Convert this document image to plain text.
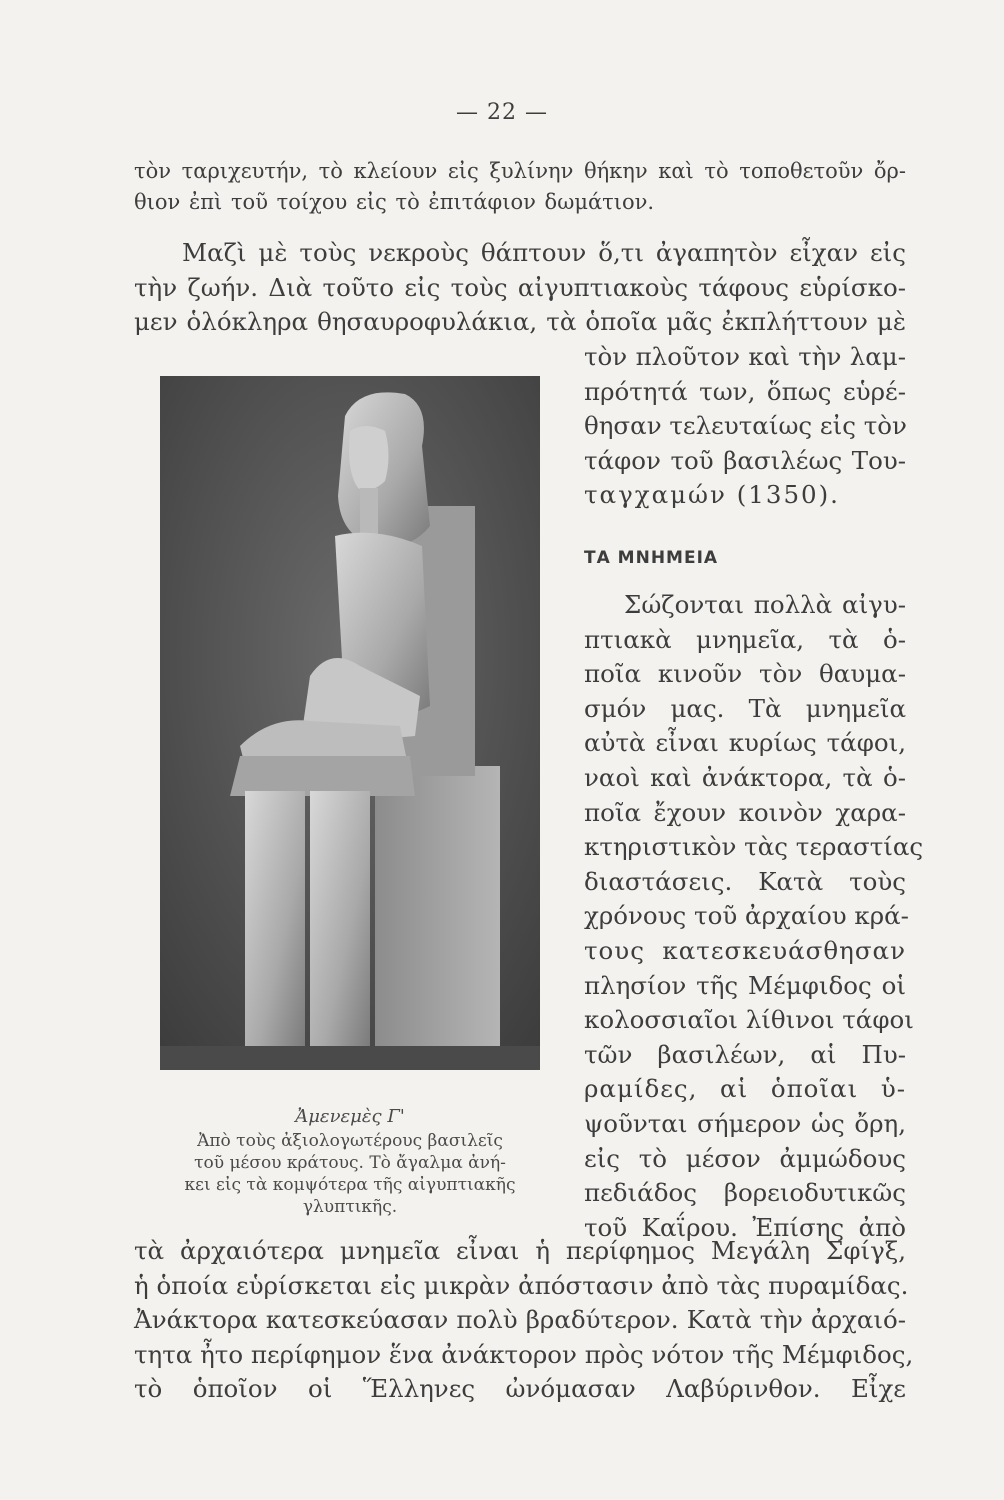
— 22 —

τὸν ταριχευτήν, τὸ κλείουν εἰς ξυλίνην θήκην καὶ τὸ τοποθετοῦν ὄρ-
θιον ἐπὶ τοῦ τοίχου εἰς τὸ ἐπιτάφιον δωμάτιον.

Μαζὶ μὲ τοὺς νεκροὺς θάπτουν ὅ,τι ἀγαπητὸν εἶχαν εἰς
τὴν ζωήν. Διὰ τοῦτο εἰς τοὺς αἰγυπτιακοὺς τάφους εὑρίσκο-
μεν ὁλόκληρα θησαυροφυλάκια, τὰ ὁποῖα μᾶς ἐκπλήττουν μὲ

τὸν πλοῦτον καὶ τὴν λαμ-
πρότητά των, ὅπως εὑρέ-
θησαν τελευταίως εἰς τὸν
τάφον τοῦ βασιλέως Του-
ταγχαμών (1350).
Ἀμενεμὲς Γ'
Ἀπὸ τοὺς ἀξιολογωτέρους βασιλεῖς
τοῦ μέσου κράτους. Τὸ ἄγαλμα ἀνή-
κει εἰς τὰ κομψότερα τῆς αἰγυπτιακῆς
γλυπτικῆς.
ΤΑ ΜΝΗΜΕΙΑ
Σώζονται πολλὰ αἰγυ-
πτιακὰ μνημεῖα, τὰ ὁ-
ποῖα κινοῦν τὸν θαυμα-
σμόν μας. Τὰ μνημεῖα
αὐτὰ εἶναι κυρίως τάφοι,
ναοὶ καὶ ἀνάκτορα, τὰ ὁ-
ποῖα ἔχουν κοινὸν χαρα-
κτηριστικὸν τὰς τεραστίας
διαστάσεις. Κατὰ τοὺς
χρόνους τοῦ ἀρχαίου κρά-
τους κατεσκευάσθησαν
πλησίον τῆς Μέμφιδος οἱ
κολοσσιαῖοι λίθινοι τάφοι
τῶν βασιλέων, αἱ Πυ-
ραμίδες, αἱ ὁποῖαι ὑ-
ψοῦνται σήμερον ὡς ὄρη,
εἰς τὸ μέσον ἀμμώδους
πεδιάδος βορειοδυτικῶς
τοῦ Καΐρου. Ἐπίσης ἀπὸ
τὰ ἀρχαιότερα μνημεῖα εἶναι ἡ περίφημος Μεγάλη Σφίγξ,
ἡ ὁποία εὑρίσκεται εἰς μικρὰν ἀπόστασιν ἀπὸ τὰς πυραμίδας.
Ἀνάκτορα κατεσκεύασαν πολὺ βραδύτερον. Κατὰ τὴν ἀρχαιό-
τητα ἦτο περίφημον ἕνα ἀνάκτορον πρὸς νότον τῆς Μέμφιδος,
τὸ ὁποῖον οἱ Ἕλληνες ὠνόμασαν Λαβύρινθον. Εἶχε
